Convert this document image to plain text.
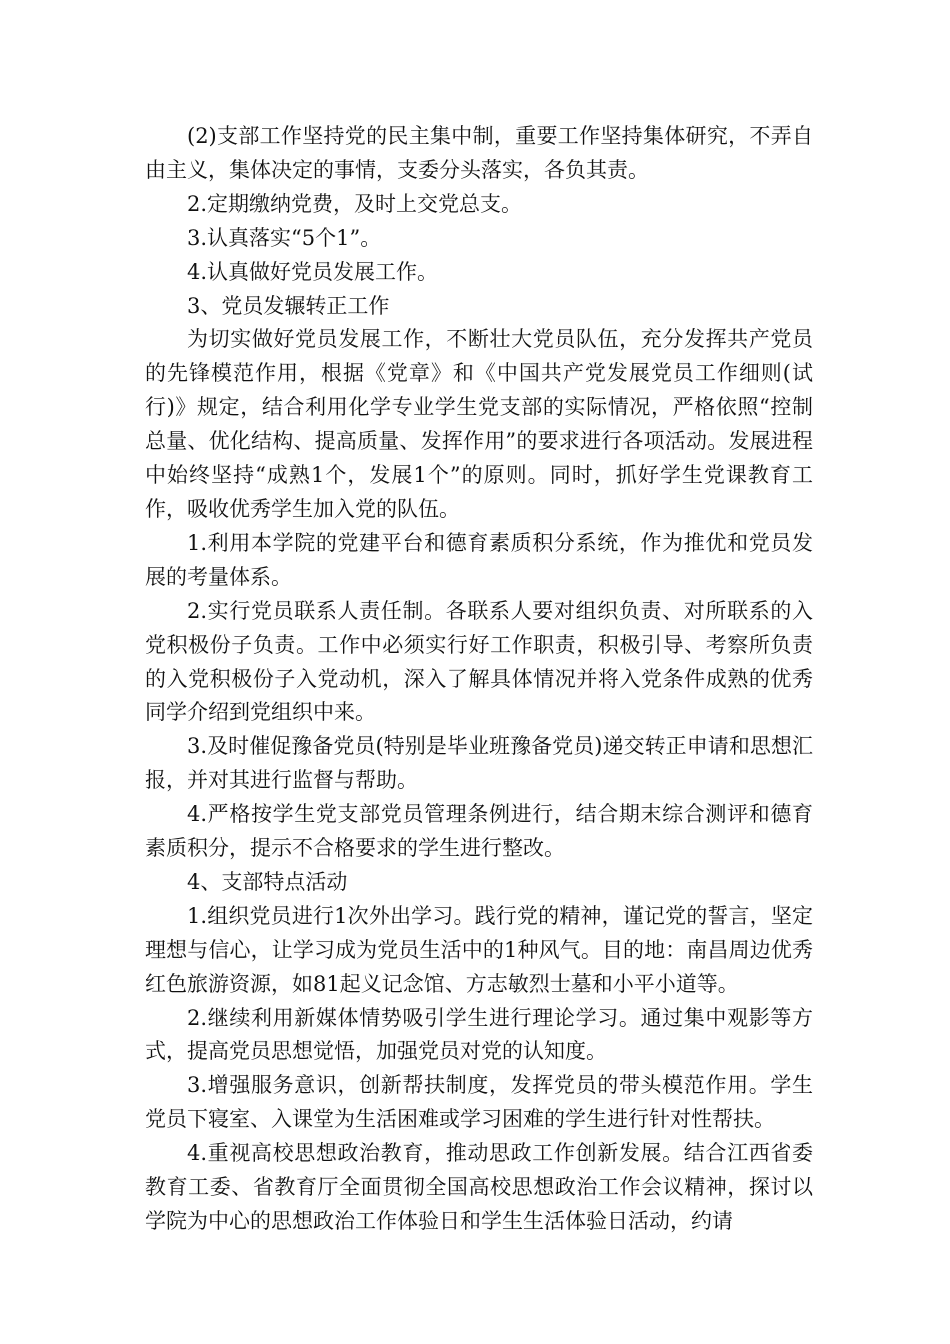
(2)支部工作坚持党的民主集中制，重要工作坚持集体研究，不弄自由主义，集体决定的事情，支委分头落实，各负其责。

2.定期缴纳党费，及时上交党总支。

3.认真落实“5个1”。

4.认真做好党员发展工作。

3、党员发辗转正工作

为切实做好党员发展工作，不断壮大党员队伍，充分发挥共产党员的先锋模范作用，根据《党章》和《中国共产党发展党员工作细则(试行)》规定，结合利用化学专业学生党支部的实际情况，严格依照“控制总量、优化结构、提高质量、发挥作用”的要求进行各项活动。发展进程中始终坚持“成熟1个，发展1个”的原则。同时，抓好学生党课教育工作，吸收优秀学生加入党的队伍。

1.利用本学院的党建平台和德育素质积分系统，作为推优和党员发展的考量体系。

2.实行党员联系人责任制。各联系人要对组织负责、对所联系的入党积极份子负责。工作中必须实行好工作职责，积极引导、考察所负责的入党积极份子入党动机，深入了解具体情况并将入党条件成熟的优秀同学介绍到党组织中来。

3.及时催促豫备党员(特别是毕业班豫备党员)递交转正申请和思想汇报，并对其进行监督与帮助。

4.严格按学生党支部党员管理条例进行，结合期末综合测评和德育素质积分，提示不合格要求的学生进行整改。

4、支部特点活动

1.组织党员进行1次外出学习。践行党的精神，谨记党的誓言，坚定理想与信心，让学习成为党员生活中的1种风气。目的地：南昌周边优秀红色旅游资源，如81起义记念馆、方志敏烈士墓和小平小道等。

2.继续利用新媒体情势吸引学生进行理论学习。通过集中观影等方式，提高党员思想觉悟，加强党员对党的认知度。

3.增强服务意识，创新帮扶制度，发挥党员的带头模范作用。学生党员下寝室、入课堂为生活困难或学习困难的学生进行针对性帮扶。

4.重视高校思想政治教育，推动思政工作创新发展。结合江西省委教育工委、省教育厅全面贯彻全国高校思想政治工作会议精神，探讨以学院为中心的思想政治工作体验日和学生生活体验日活动，约请
